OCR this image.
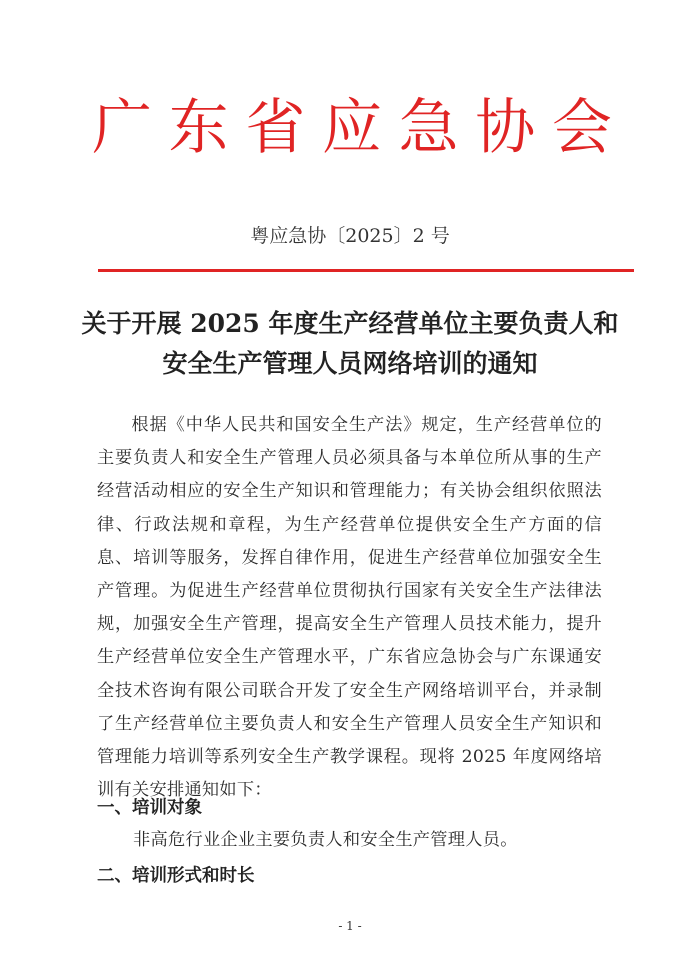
广 东 省 应 急 协 会
粤应急协〔2025〕2 号
关于开展 2025 年度生产经营单位主要负责人和
安全生产管理人员网络培训的通知

根据《中华人民共和国安全生产法》规定，生产经营单位的主要负责人和安全生产管理人员必须具备与本单位所从事的生产经营活动相应的安全生产知识和管理能力；有关协会组织依照法律、行政法规和章程，为生产经营单位提供安全生产方面的信息、培训等服务，发挥自律作用，促进生产经营单位加强安全生产管理。为促进生产经营单位贯彻执行国家有关安全生产法律法规，加强安全生产管理，提高安全生产管理人员技术能力，提升生产经营单位安全生产管理水平，广东省应急协会与广东课通安全技术咨询有限公司联合开发了安全生产网络培训平台，并录制了生产经营单位主要负责人和安全生产管理人员安全生产知识和管理能力培训等系列安全生产教学课程。现将 2025 年度网络培训有关安排通知如下：

一、培训对象
非高危行业企业主要负责人和安全生产管理人员。
二、培训形式和时长
- 1 -
